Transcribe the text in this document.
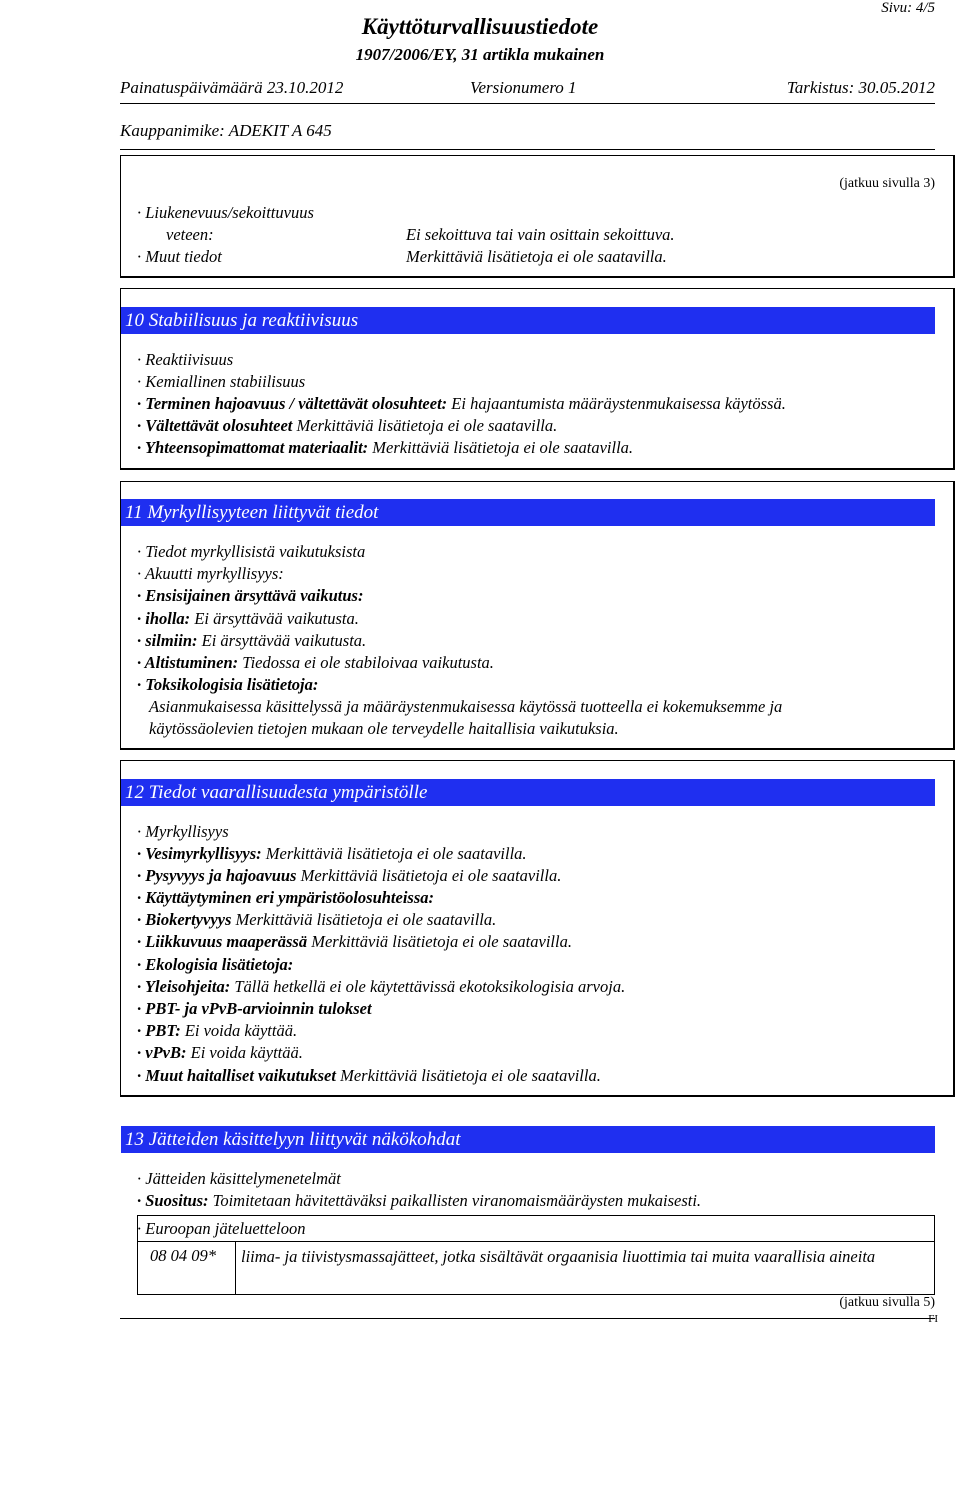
Sivu: 4/5
Käyttöturvallisuustiedote
1907/2006/EY, 31 artikla mukainen
Painatuspäivämäärä 23.10.2012	Versionumero 1	Tarkistus: 30.05.2012
Kauppanimike: ADEKIT A 645
(jatkuu sivulla 3)
· Liukenevuus/sekoittuvuus
veteen:	Ei sekoittuva tai vain osittain sekoittuva.
· Muut tiedot	Merkittäviä lisätietoja ei ole saatavilla.
10 Stabiilisuus ja reaktiivisuus
· Reaktiivisuus
· Kemiallinen stabiilisuus
· Terminen hajoavuus / vältettävät olosuhteet: Ei hajaantumista määräystenmukaisessa käytössä.
· Vältettävät olosuhteet Merkittäviä lisätietoja ei ole saatavilla.
· Yhteensopimattomat materiaalit: Merkittäviä lisätietoja ei ole saatavilla.
11 Myrkyllisyyteen liittyvät tiedot
· Tiedot myrkyllisistä vaikutuksista
· Akuutti myrkyllisyys:
· Ensisijainen ärsyttävä vaikutus:
· iholla: Ei ärsyttävää vaikutusta.
· silmiin: Ei ärsyttävää vaikutusta.
· Altistuminen: Tiedossa ei ole stabiloivaa vaikutusta.
· Toksikologisia lisätietoja:
Asianmukaisessa käsittelyssä ja määräystenmukaisessa käytössä tuotteella ei kokemuksemme ja
käytössäolevien tietojen mukaan ole terveydelle haitallisia vaikutuksia.
12 Tiedot vaarallisuudesta ympäristölle
· Myrkyllisyys
· Vesimyrkyllisyys: Merkittäviä lisätietoja ei ole saatavilla.
· Pysyvyys ja hajoavuus Merkittäviä lisätietoja ei ole saatavilla.
· Käyttäytyminen eri ympäristöolosuhteissa:
· Biokertyvyys Merkittäviä lisätietoja ei ole saatavilla.
· Liikkuvuus maaperässä Merkittäviä lisätietoja ei ole saatavilla.
· Ekologisia lisätietoja:
· Yleisohjeita: Tällä hetkellä ei ole käytettävissä ekotoksikologisia arvoja.
· PBT- ja vPvB-arvioinnin tulokset
· PBT: Ei voida käyttää.
· vPvB: Ei voida käyttää.
· Muut haitalliset vaikutukset Merkittäviä lisätietoja ei ole saatavilla.
13 Jätteiden käsittelyyn liittyvät näkökohdat
· Jätteiden käsittelymenetelmät
· Suositus: Toimitetaan hävitettäväksi paikallisten viranomaismääräysten mukaisesti.
· Euroopan jäteluetteloon
08 04 09* liima- ja tiivistysmassajätteet, jotka sisältävät orgaanisia liuottimia tai muita vaarallisia aineita
(jatkuu sivulla 5)
FI
